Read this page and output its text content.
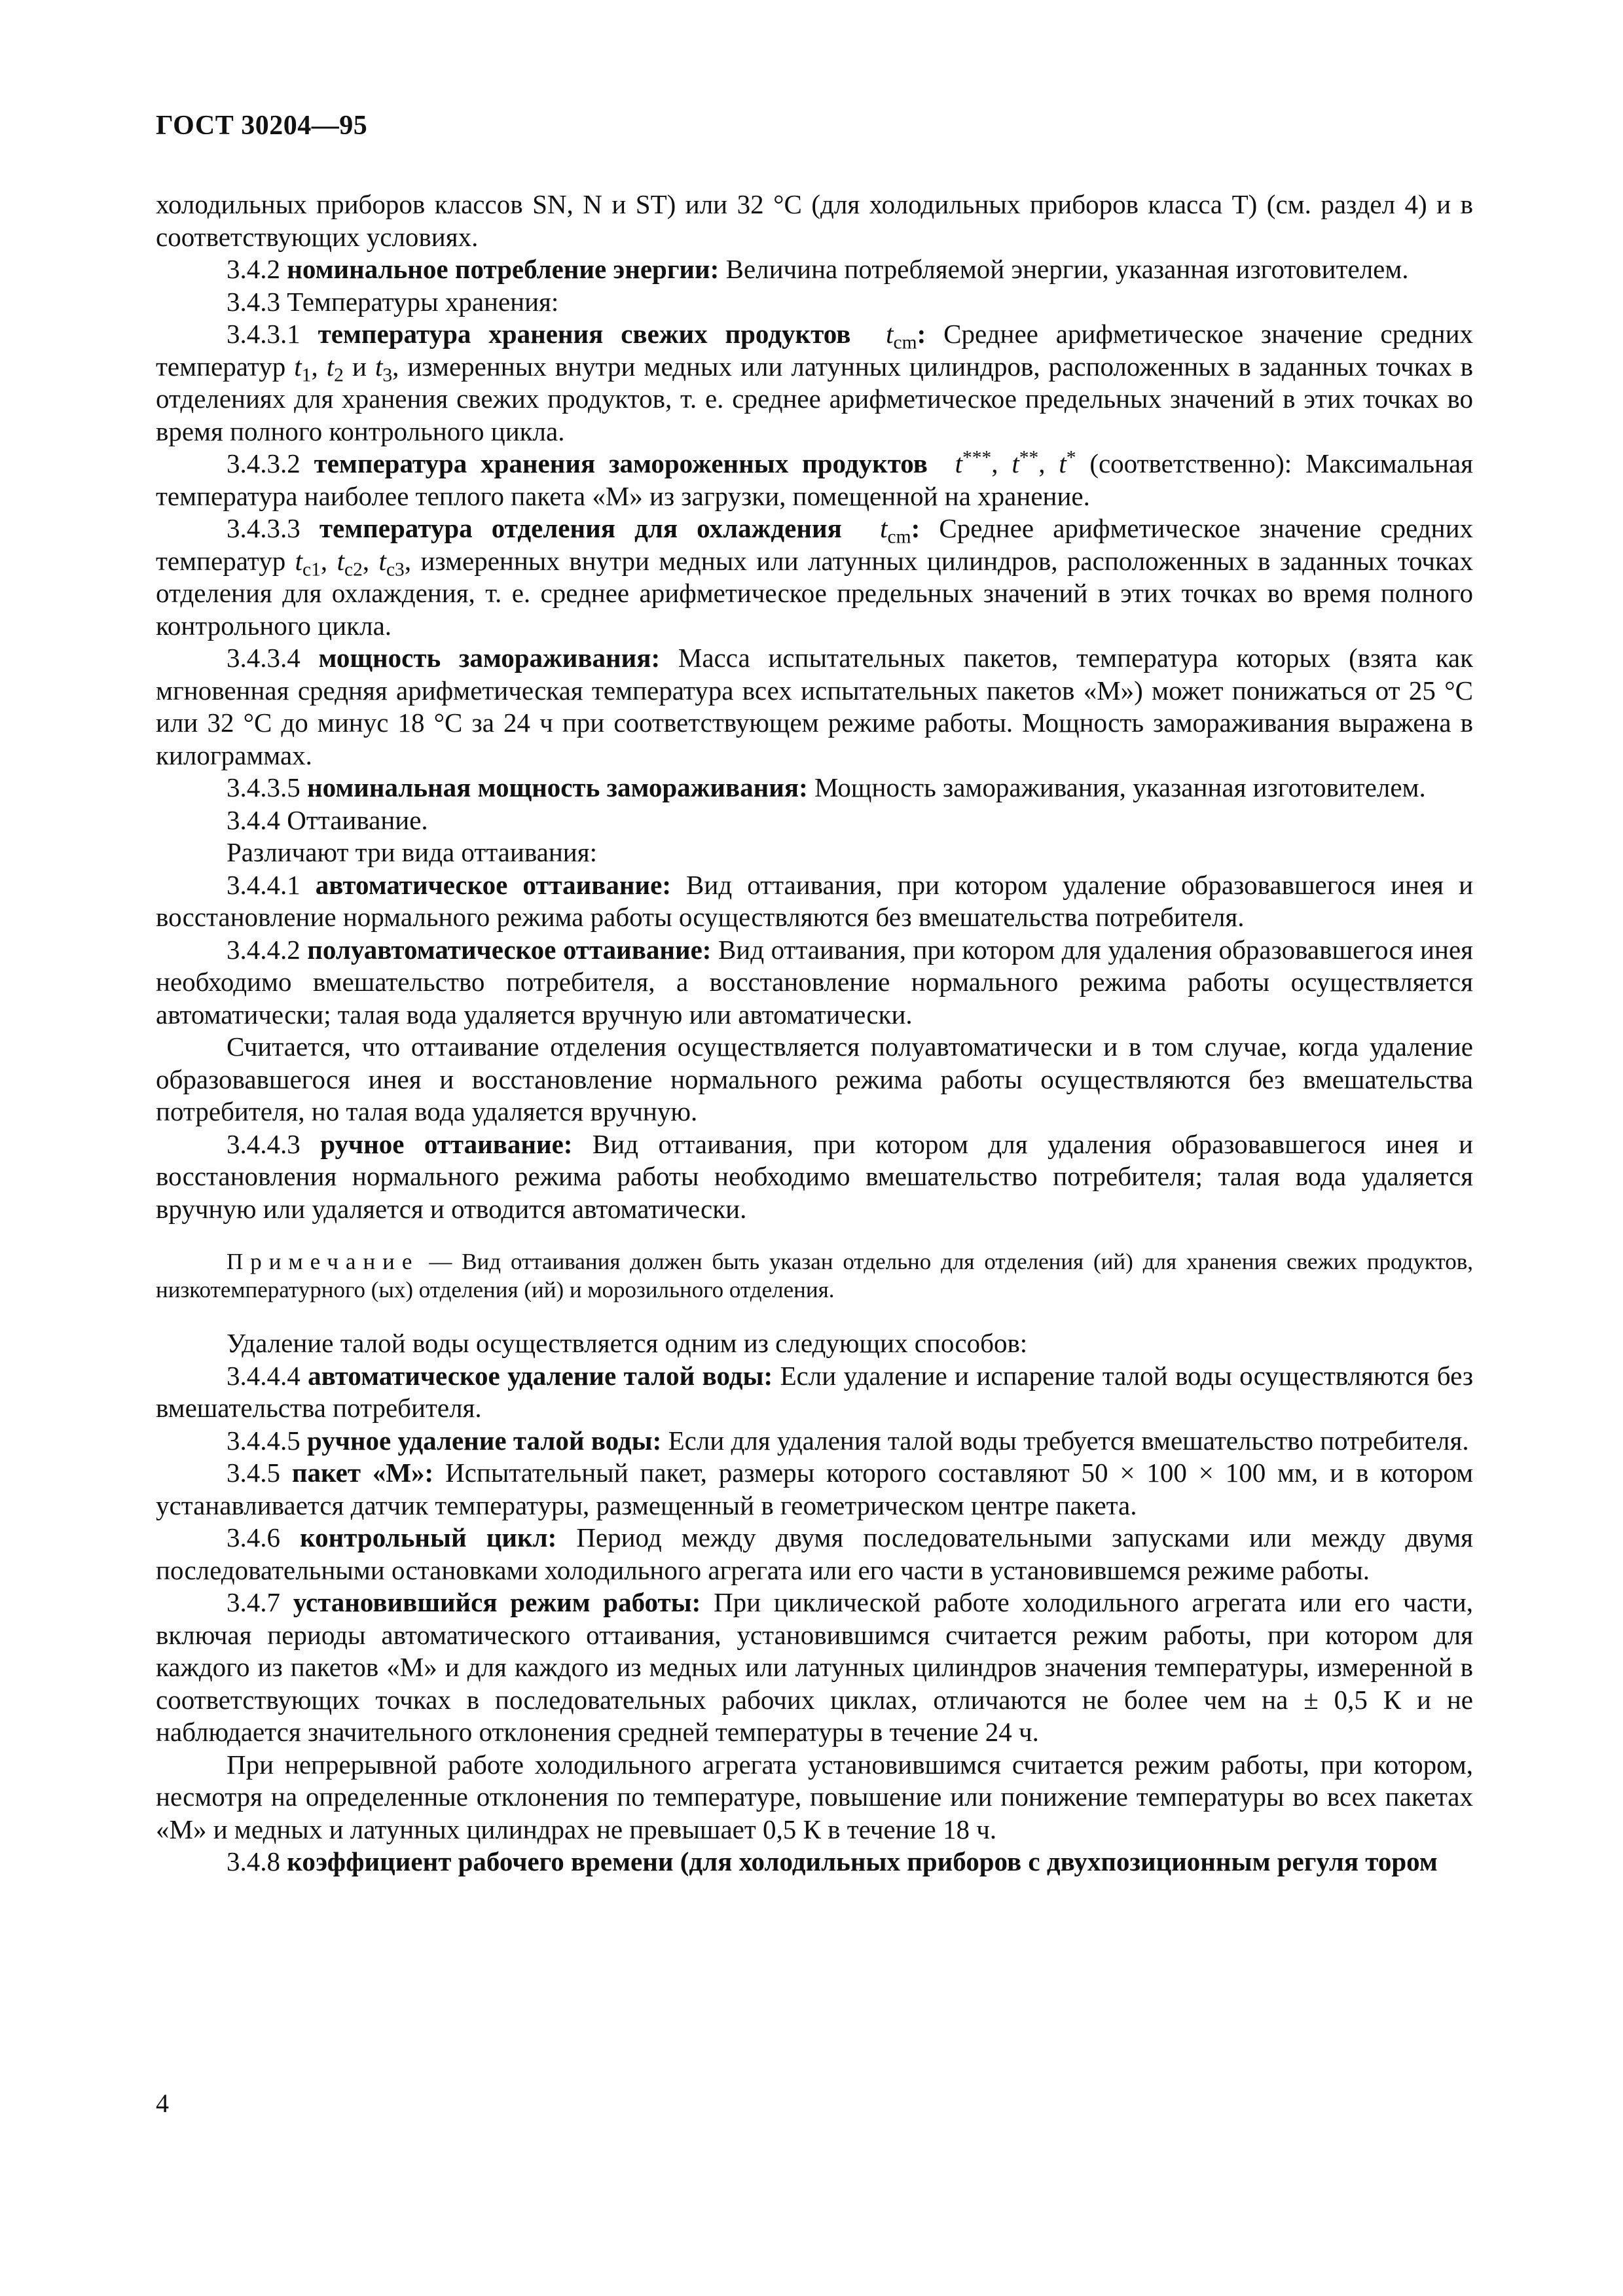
ГОСТ 30204—95

холодильных приборов классов SN, N и ST) или 32 °С (для холодильных приборов класса Т) (см. раздел 4) и в соответствующих условиях.

3.4.2 номинальное потребление энергии: Величина потребляемой энергии, указанная изготовителем.

3.4.3 Температуры хранения:

3.4.3.1 температура хранения свежих продуктов $t_{cm}$: Среднее арифметическое значение средних температур $t_1$, $t_2$ и $t_3$, измеренных внутри медных или латунных цилиндров, расположенных в заданных точках в отделениях для хранения свежих продуктов, т. е. среднее арифметическое предельных значений в этих точках во время полного контрольного цикла.

3.4.3.2 температура хранения замороженных продуктов t***, t**, t* (соответственно): Максимальная температура наиболее теплого пакета «М» из загрузки, помещенной на хранение.

3.4.3.3 температура отделения для охлаждения $t_{cm}$: Среднее арифметическое значение средних температур $t_{c1}$, $t_{c2}$, $t_{c3}$, измеренных внутри медных или латунных цилиндров, расположенных в заданных точках отделения для охлаждения, т. е. среднее арифметическое предельных значений в этих точках во время полного контрольного цикла.

3.4.3.4 мощность замораживания: Масса испытательных пакетов, температура которых (взята как мгновенная средняя арифметическая температура всех испытательных пакетов «М») может понижаться от 25 °С или 32 °С до минус 18 °С за 24 ч при соответствующем режиме работы. Мощность замораживания выражена в килограммах.

3.4.3.5 номинальная мощность замораживания: Мощность замораживания, указанная изготовителем.

3.4.4 Оттаивание.

Различают три вида оттаивания:

3.4.4.1 автоматическое оттаивание: Вид оттаивания, при котором удаление образовавшегося инея и восстановление нормального режима работы осуществляются без вмешательства потребителя.

3.4.4.2 полуавтоматическое оттаивание: Вид оттаивания, при котором для удаления образовавшегося инея необходимо вмешательство потребителя, а восстановление нормального режима работы осуществляется автоматически; талая вода удаляется вручную или автоматически.

Считается, что оттаивание отделения осуществляется полуавтоматически и в том случае, когда удаление образовавшегося инея и восстановление нормального режима работы осуществляются без вмешательства потребителя, но талая вода удаляется вручную.

3.4.4.3 ручное оттаивание: Вид оттаивания, при котором для удаления образовавшегося инея и восстановления нормального режима работы необходимо вмешательство потребителя; талая вода удаляется вручную или удаляется и отводится автоматически.

Примечание — Вид оттаивания должен быть указан отдельно для отделения (ий) для хранения свежих продуктов, низкотемпературного (ых) отделения (ий) и морозильного отделения.

Удаление талой воды осуществляется одним из следующих способов:

3.4.4.4 автоматическое удаление талой воды: Если удаление и испарение талой воды осуществляются без вмешательства потребителя.

3.4.4.5 ручное удаление талой воды: Если для удаления талой воды требуется вмешательство потребителя.

3.4.5 пакет «М»: Испытательный пакет, размеры которого составляют 50 × 100 × 100 мм, и в котором устанавливается датчик температуры, размещенный в геометрическом центре пакета.

3.4.6 контрольный цикл: Период между двумя последовательными запусками или между двумя последовательными остановками холодильного агрегата или его части в установившемся режиме работы.

3.4.7 установившийся режим работы: При циклической работе холодильного агрегата или его части, включая периоды автоматического оттаивания, установившимся считается режим работы, при котором для каждого из пакетов «М» и для каждого из медных или латунных цилиндров значения температуры, измеренной в соответствующих точках в последовательных рабочих циклах, отличаются не более чем на ± 0,5 К и не наблюдается значительного отклонения средней температуры в течение 24 ч.

При непрерывной работе холодильного агрегата установившимся считается режим работы, при котором, несмотря на определенные отклонения по температуре, повышение или понижение температуры во всех пакетах «М» и медных и латунных цилиндрах не превышает 0,5 К в течение 18 ч.

3.4.8 коэффициент рабочего времени (для холодильных приборов с двухпозиционным регуля тором

4
